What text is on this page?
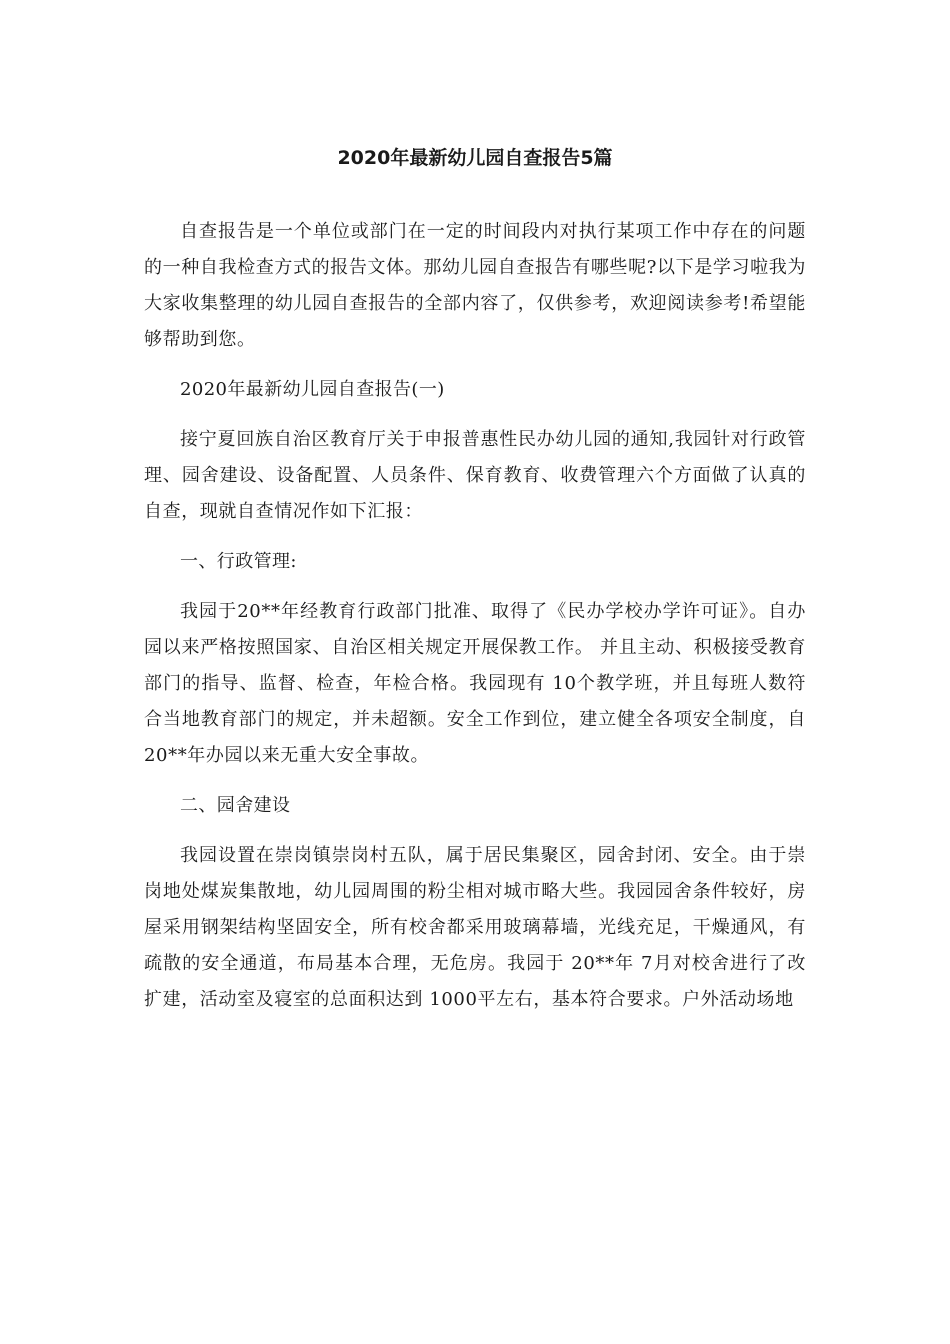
2020年最新幼儿园自查报告5篇

自查报告是一个单位或部门在一定的时间段内对执行某项工作中存在的问题的一种自我检查方式的报告文体。那幼儿园自查报告有哪些呢?以下是学习啦我为大家收集整理的幼儿园自查报告的全部内容了，仅供参考，欢迎阅读参考!希望能够帮助到您。

2020年最新幼儿园自查报告(一)

接宁夏回族自治区教育厅关于申报普惠性民办幼儿园的通知,我园针对行政管理、园舍建设、设备配置、人员条件、保育教育、收费管理六个方面做了认真的自查，现就自查情况作如下汇报：

一、行政管理:

我园于20**年经教育行政部门批准、取得了《民办学校办学许可证》。自办园以来严格按照国家、自治区相关规定开展保教工作。 并且主动、积极接受教育部门的指导、监督、检查，年检合格。我园现有 10个教学班，并且每班人数符合当地教育部门的规定，并未超额。安全工作到位，建立健全各项安全制度，自20**年办园以来无重大安全事故。

二、园舍建设

我园设置在崇岗镇崇岗村五队，属于居民集聚区，园舍封闭、安全。由于崇岗地处煤炭集散地，幼儿园周围的粉尘相对城市略大些。我园园舍条件较好，房屋采用钢架结构坚固安全，所有校舍都采用玻璃幕墙，光线充足，干燥通风，有疏散的安全通道，布局基本合理，无危房。我园于 20**年 7月对校舍进行了改扩建，活动室及寝室的总面积达到 1000平左右，基本符合要求。户外活动场地
